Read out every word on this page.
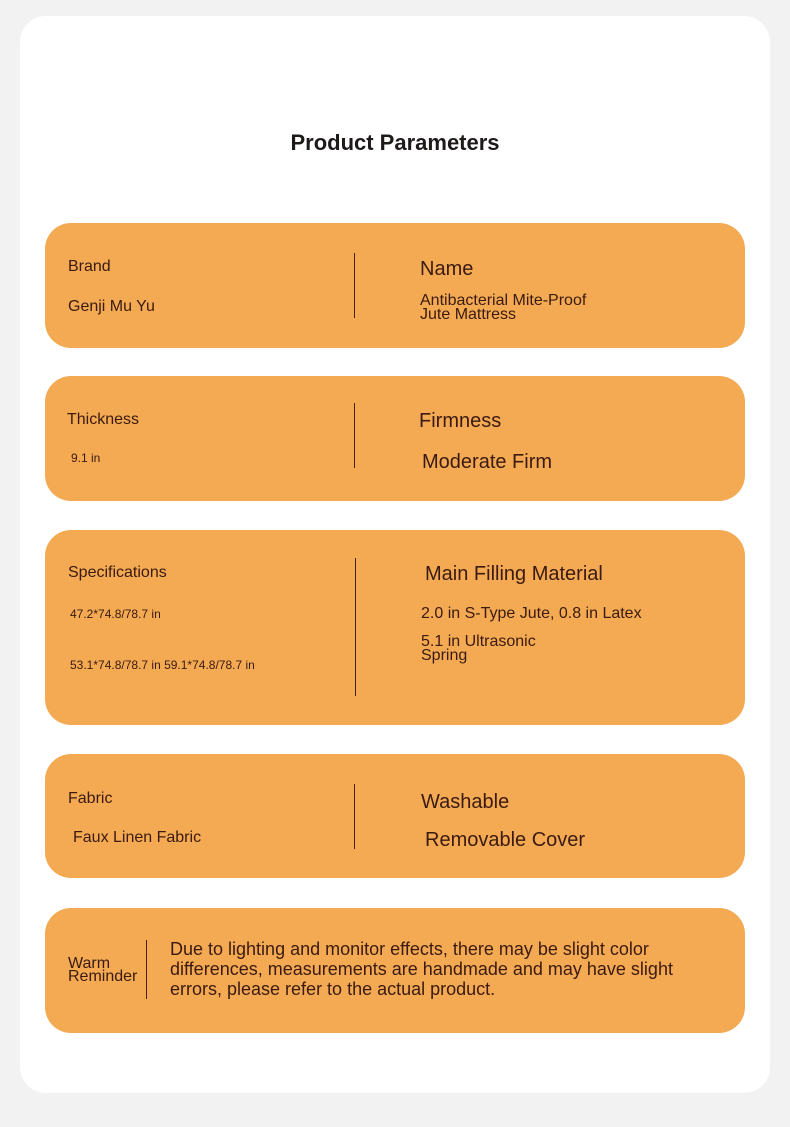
Product Parameters
Brand
Genji Mu Yu
Name
Antibacterial Mite-Proof Jute Mattress
Thickness
9.1 in
Firmness
Moderate Firm
Specifications
47.2*74.8/78.7 in
53.1*74.8/78.7 in 59.1*74.8/78.7 in
Main Filling Material
2.0 in S-Type Jute, 0.8 in Latex
5.1 in Ultrasonic Spring
Fabric
Faux Linen Fabric
Washable
Removable Cover
Warm Reminder
Due to lighting and monitor effects, there may be slight color differences, measurements are handmade and may have slight errors, please refer to the actual product.
